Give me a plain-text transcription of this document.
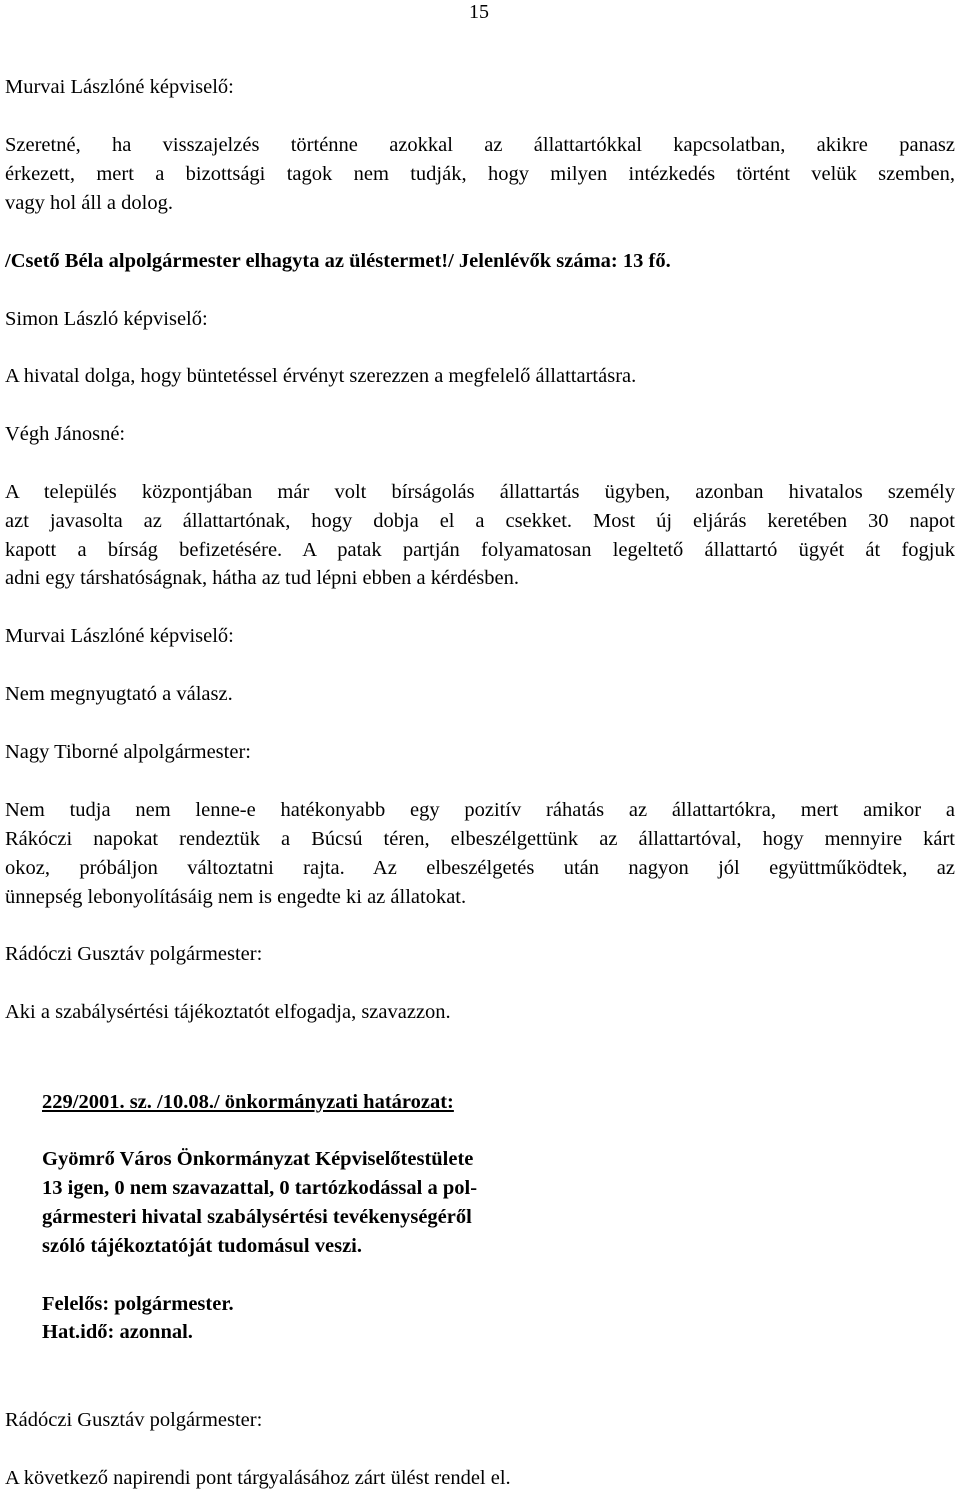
15
Murvai Lászlóné képviselő:
Szeretné, ha visszajelzés történne azokkal az állattartókkal kapcsolatban, akikre panasz
érkezett, mert a bizottsági tagok nem tudják, hogy milyen intézkedés történt velük szemben,
vagy hol áll a dolog.
/Csető Béla alpolgármester elhagyta az üléstermet!/ Jelenlévők száma: 13 fő.
Simon László képviselő:
A hivatal dolga, hogy büntetéssel érvényt szerezzen a megfelelő állattartásra.
Végh Jánosné:
A település központjában már volt bírságolás állattartás ügyben, azonban hivatalos személy
azt javasolta az állattartónak, hogy dobja el a csekket. Most új eljárás keretében 30 napot
kapott a bírság befizetésére. A patak partján folyamatosan legeltető állattartó ügyét át fogjuk
adni egy társhatóságnak, hátha az tud lépni ebben a kérdésben.
Murvai Lászlóné képviselő:
Nem megnyugtató a válasz.
Nagy Tiborné alpolgármester:
Nem tudja nem lenne-e hatékonyabb egy pozitív ráhatás az állattartókra, mert amikor a
Rákóczi napokat rendeztük a Búcsú téren, elbeszélgettünk az állattartóval, hogy mennyire kárt
okoz, próbáljon változtatni rajta. Az elbeszélgetés után nagyon jól együttműködtek, az
ünnepség lebonyolításáig nem is engedte ki az állatokat.
Rádóczi Gusztáv polgármester:
Aki a szabálysértési tájékoztatót elfogadja, szavazzon.
229/2001. sz. /10.08./ önkormányzati határozat:
Gyömrő Város Önkormányzat Képviselőtestülete
13 igen, 0 nem szavazattal, 0 tartózkodással a pol-
gármesteri hivatal szabálysértési tevékenységéről
szóló tájékoztatóját tudomásul veszi.
Felelős: polgármester.
Hat.idő: azonnal.
Rádóczi Gusztáv polgármester:
A következő napirendi pont tárgyalásához zárt ülést rendel el.
